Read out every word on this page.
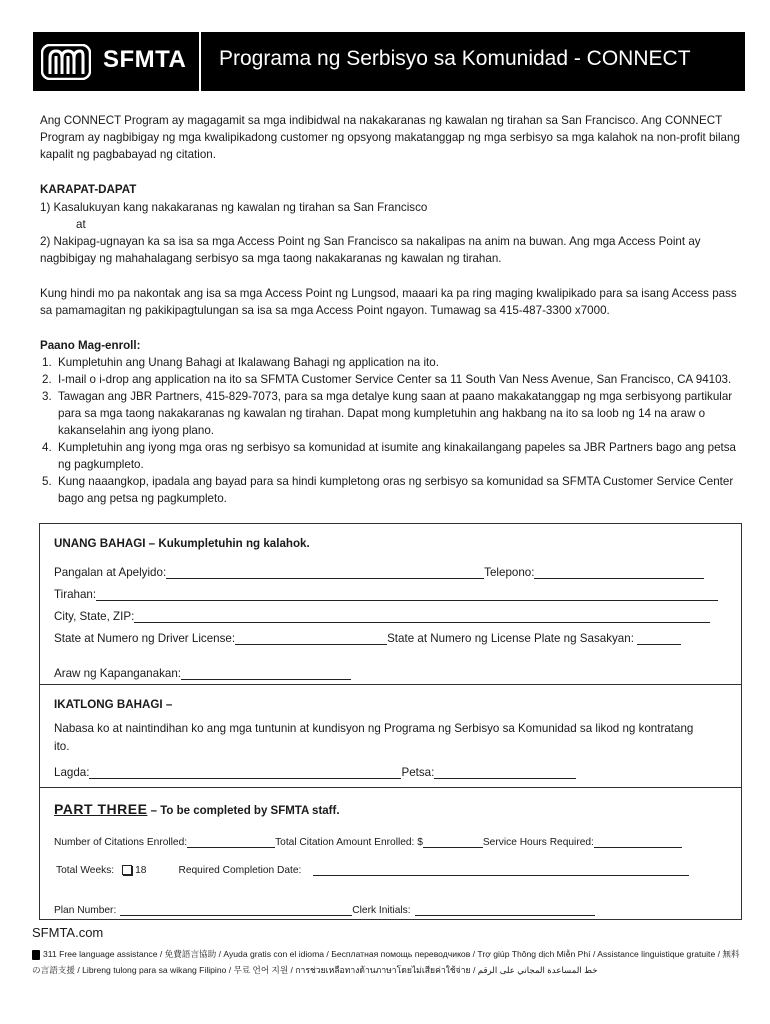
SFMTA Programa ng Serbisyo sa Komunidad - CONNECT
Ang CONNECT Program ay magagamit sa mga indibidwal na nakakaranas ng kawalan ng tirahan sa San Francisco. Ang CONNECT Program ay nagbibigay ng mga kwalipikadong customer ng opsyong makatanggap ng mga serbisyo sa mga kalahok na non-profit bilang kapalit ng pagbabayad ng citation.
KARAPAT-DAPAT
1) Kasalukuyan kang nakakaranas ng kawalan ng tirahan sa San Francisco
at
2) Nakipag-ugnayan ka sa isa sa mga Access Point ng San Francisco sa nakalipas na anim na buwan. Ang mga Access Point ay nagbibigay ng mahahalagang serbisyo sa mga taong nakakaranas ng kawalan ng tirahan.
Kung hindi mo pa nakontak ang isa sa mga Access Point ng Lungsod, maaari ka pa ring maging kwalipikado para sa isang Access pass sa pamamagitan ng pakikipagtulungan sa isa sa mga Access Point ngayon. Tumawag sa 415-487-3300 x7000.
Paano Mag-enroll:
1. Kumpletuhin ang Unang Bahagi at Ikalawang Bahagi ng application na ito.
2. I-mail o i-drop ang application na ito sa SFMTA Customer Service Center sa 11 South Van Ness Avenue, San Francisco, CA 94103.
3. Tawagan ang JBR Partners, 415-829-7073, para sa mga detalye kung saan at paano makakatanggap ng mga serbisyong partikular para sa mga taong nakakaranas ng kawalan ng tirahan. Dapat mong kumpletuhin ang hakbang na ito sa loob ng 14 na araw o kakanselahin ang iyong plano.
4. Kumpletuhin ang iyong mga oras ng serbisyo sa komunidad at isumite ang kinakailangang papeles sa JBR Partners bago ang petsa ng pagkumpleto.
5. Kung naaangkop, ipadala ang bayad para sa hindi kumpletong oras ng serbisyo sa komunidad sa SFMTA Customer Service Center bago ang petsa ng pagkumpleto.
UNANG BAHAGI – Kukumpletuhin ng kalahok.
Pangalan at Apelyido:	Telepono:
Tirahan:
City, State, ZIP:
State at Numero ng Driver License:	State at Numero ng License Plate ng Sasakyan:
Araw ng Kapanganakan:
IKATLONG BAHAGI –
Nabasa ko at naintindihan ko ang mga tuntunin at kundisyon ng Programa ng Serbisyo sa Komunidad sa likod ng kontratang ito.
Lagda:	Petsa:
PART THREE – To be completed by SFMTA staff.
Number of Citations Enrolled:	Total Citation Amount Enrolled: $	Service Hours Required:
Total Weeks:	18	Required Completion Date:
Plan Number:	Clerk Initials:
SFMTA.com
311 Free language assistance / 免費語言協助 / Ayuda gratis con el idioma / Бесплатная помощь переводчиков / Trợ giúp Thông dịch Miễn Phí / Assistance linguistique gratuite / 無料の言語支援 / Libreng tulong para sa wikang Filipino / 무료 언어 지원 / การช่วยเหลือทางด้านภาษาโดยไม่เสียค่าใช้จ่าย / خط المساعدة المجاني على الرقم
